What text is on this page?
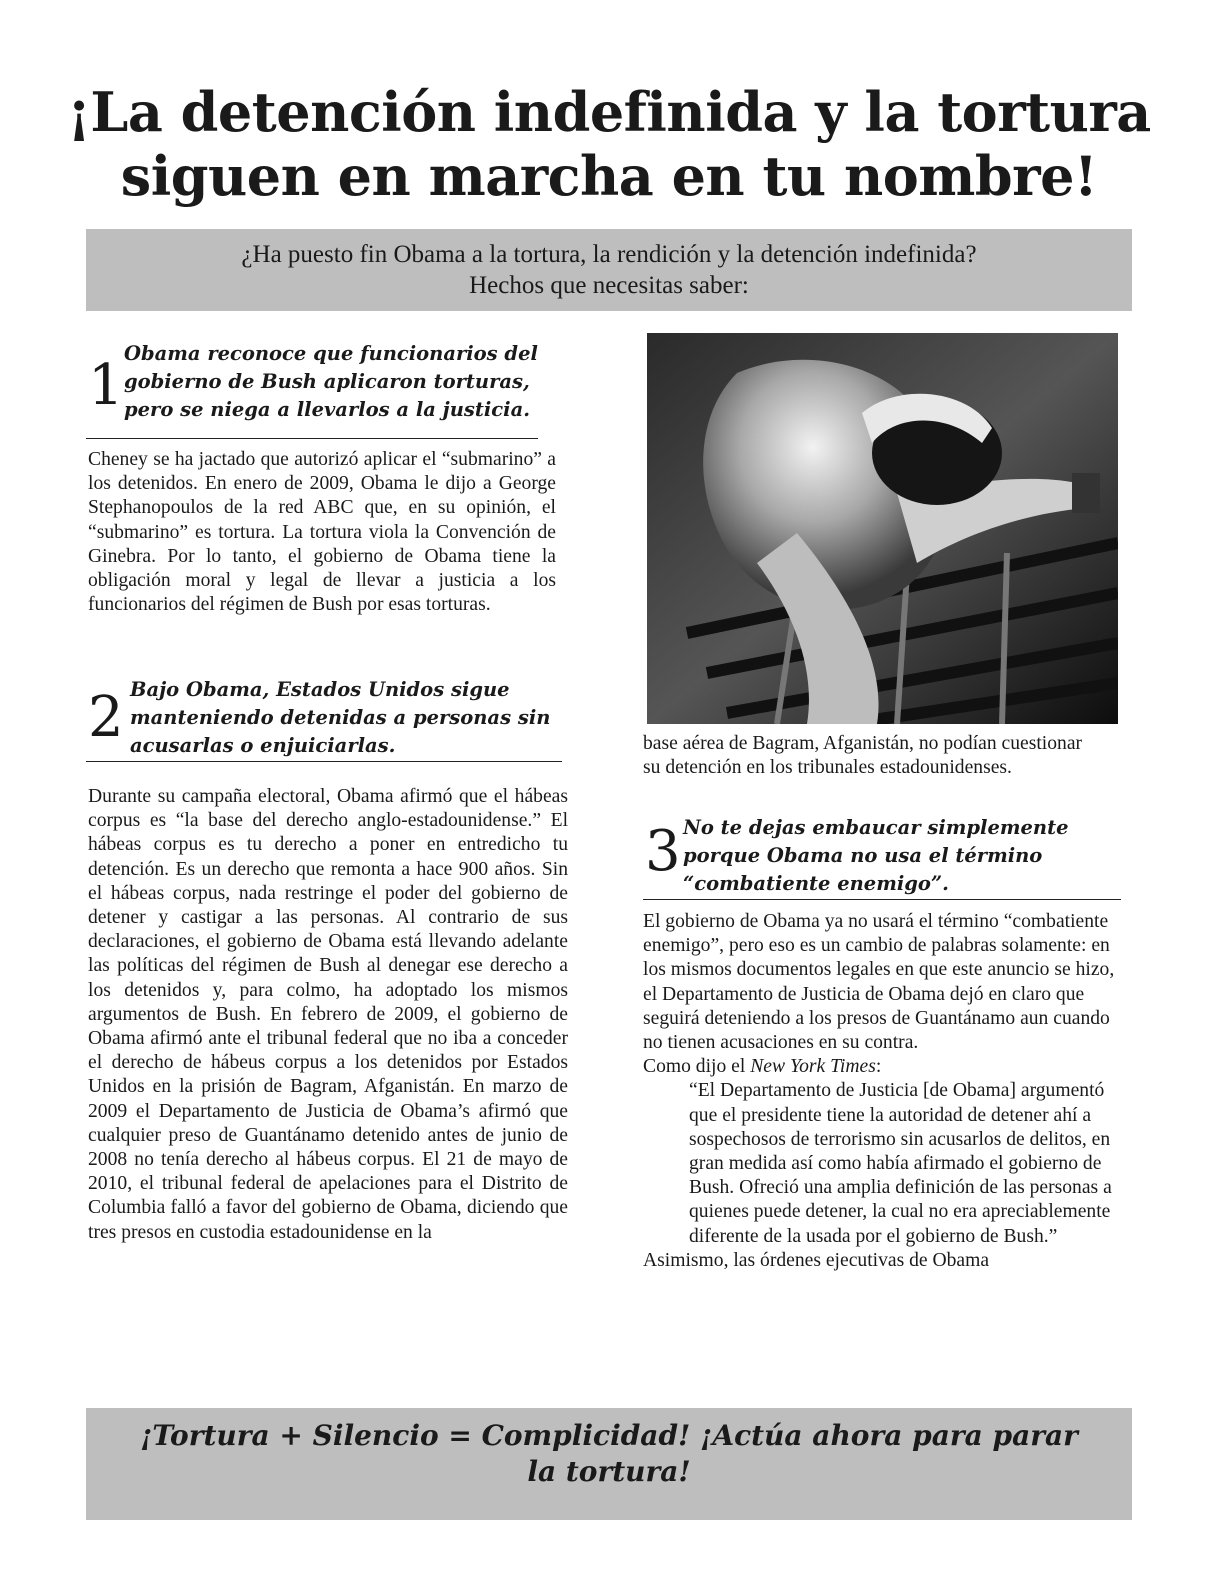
¡La detención indefinida y la tortura
siguen en marcha en tu nombre!
¿Ha puesto fin Obama a la tortura, la rendición y la detención indefinida?
Hechos que necesitas saber:
1 Obama reconoce que funcionarios del
gobierno de Bush aplicaron torturas,
pero se niega a llevarlos a la justicia.

Cheney se ha jactado que autorizó aplicar el “submarino” a los detenidos. En enero de 2009, Obama le dijo a George Stephanopoulos de la red ABC que, en su opinión, el “submarino” es tortura. La tortura viola la Convención de Ginebra. Por lo tanto, el gobierno de Obama tiene la obligación moral y legal de llevar a justicia a los funcionarios del régimen de Bush por esas torturas.

2 Bajo Obama, Estados Unidos sigue
manteniendo detenidas a personas sin
acusarlas o enjuiciarlas.

Durante su campaña electoral, Obama afirmó que el hábeas corpus es “la base del derecho anglo-estadounidense.” El hábeas corpus es tu derecho a poner en entredicho tu detención. Es un derecho que remonta a hace 900 años. Sin el hábeas corpus, nada restringe el poder del gobierno de detener y castigar a las personas. Al contrario de sus declaraciones, el gobierno de Obama está llevando adelante las políticas del régimen de Bush al denegar ese derecho a los detenidos y, para colmo, ha adoptado los mismos argumentos de Bush. En febrero de 2009, el gobierno de Obama afirmó ante el tribunal federal que no iba a conceder el derecho de hábeus corpus a los detenidos por Estados Unidos en la prisión de Bagram, Afganistán. En marzo de 2009 el Departamento de Justicia de Obama’s afirmó que cualquier preso de Guantánamo detenido antes de junio de 2008 no tenía derecho al hábeus corpus. El 21 de mayo de 2010, el tribunal federal de apelaciones para el Distrito de Columbia falló a favor del gobierno de Obama, diciendo que tres presos en custodia estadounidense en la

base aérea de Bagram, Afganistán, no podían cuestionar su detención en los tribunales estadounidenses.

3 No te dejas embaucar simplemente
porque Obama no usa el término
“combatiente enemigo”.

El gobierno de Obama ya no usará el término “combatiente enemigo”, pero eso es un cambio de palabras solamente: en los mismos documentos legales en que este anuncio se hizo, el Departamento de Justicia de Obama dejó en claro que seguirá deteniendo a los presos de Guantánamo aun cuando no tienen acusaciones en su contra.

Como dijo el New York Times:

“El Departamento de Justicia [de Obama] argumentó que el presidente tiene la autoridad de detener ahí a sospechosos de terrorismo sin acusarlos de delitos, en gran medida así como había afirmado el gobierno de Bush. Ofreció una amplia definición de las personas a quienes puede detener, la cual no era apreciablemente diferente de la usada por el gobierno de Bush.”

Asimismo, las órdenes ejecutivas de Obama

¡Tortura + Silencio = Complicidad! ¡Actúa ahora para parar la tortura!
